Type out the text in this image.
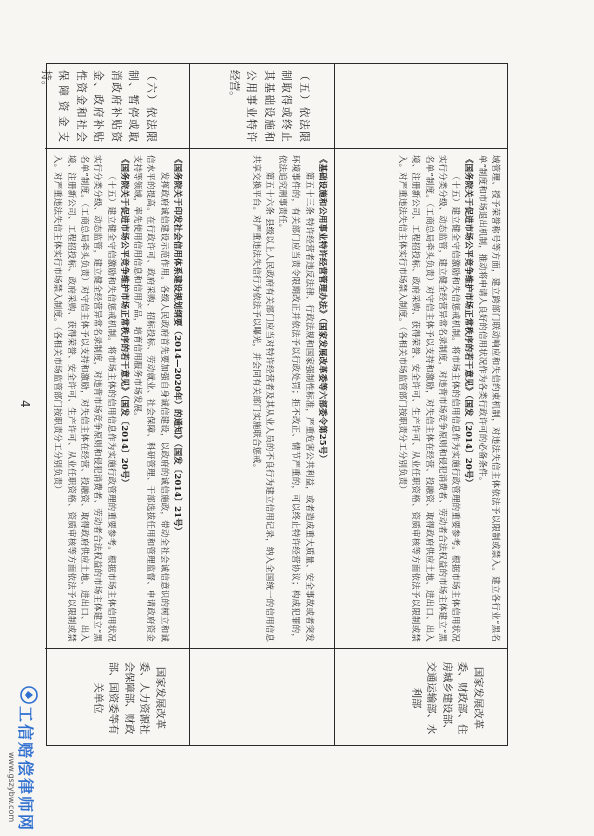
域管理、授予荣誉称号等方面，建立跨部门联动响应和失信约束机制，对违法失信主体依法予以限制或禁入。建立各行业“黑名单”制度和市场退出机制，推动将申请人良好的信用状况作为各类行政许可的必备条件。

《国务院关于促进市场公平竞争维护市场正常秩序的若干意见》（国发〔2014〕20号）

（十五）建立健全守信激励和失信惩戒机制。将市场主体的信用信息作为实施行政管理的重要参考。根据市场主体信用状况实行分类分级、动态监管，建立健全经营异常名录制度，对违背市场竞争原则和侵犯消费者、劳动者合法权益的市场主体建立“黑名单”制度。（工商总局牵头负责）对守信主体予以支持和激励，对失信主体在经营、投融资、取得政府供应土地、进出口、出入境、注册新公司、工程招投标、政府采购、获得荣誉、安全许可、生产许可、从业任职资格、资质审核等方面依法予以限制或禁入。对严重违法失信主体实行市场禁入制度。（各相关市场监管部门按职责分工分别负责）

国家发展改革委、财政部、住房城乡建设部、交通运输部、水利部

（五）依法限制取得或终止其基础设施和公用事业特许经营。

《基础设施和公用事业特许经营管理办法》（国家发展改革委等六部委令第25号）

第五十三条 特许经营者违反法律、行政法规和国家强制性标准，严重危害公共利益，或者造成重大质量、安全事故或者突发环境事件的，有关部门应当责令限期改正并依法予以行政处罚；拒不改正、情节严重的，可以终止特许经营协议；构成犯罪的，依法追究刑事责任。

第五十六条 县级以上人民政府有关部门应当对特许经营者及其从业人员的不良行为建立信用记录，纳入全国统一的信用信息共享交换平台。对严重违法失信行为依法予以曝光，并会同有关部门实施联合惩戒。

（六）依法限制、暂停或取消政府补贴资金、政府补贴性资金和社会保障资金支持。

《国务院关于印发社会信用体系建设规划纲要（2014—2020年）的通知》（国发〔2014〕21号）

发挥政府诚信建设示范作用。各级人民政府首先要加强自身诚信建设，以政府的诚信施政，带动全社会诚信意识的树立和诚信水平的提高。在行政许可、政府采购、招标投标、劳动就业、社会保障、科研管理、干部选拔任用和管理监督、申请政府资金支持等领域，率先使用信用信息和信用产品，培育信用服务市场发展。

《国务院关于促进市场公平竞争维护市场正常秩序的若干意见》（国发〔2014〕20号）

（十五）建立健全守信激励和失信惩戒机制。将市场主体的信用信息作为实施行政管理的重要参考。根据市场主体信用状况实行分类分级、动态监管，建立健全经营异常名录制度，对违背市场竞争原则和侵犯消费者、劳动者合法权益的市场主体建立“黑名单”制度。（工商总局牵头负责）对守信主体予以支持和激励，对失信主体在经营、投融资、取得政府供应土地、进出口、出入境、注册新公司、工程招投标、政府采购、获得荣誉、安全许可、生产许可、从业任职资格、资质审核等方面依法予以限制或禁入。对严重违法失信主体实行市场禁入制度。（各相关市场监管部门按职责分工分别负责）

国家发展改革委、人力资源社会保障部、财政部、国资委等有关单位

4
工信赔偿律师网
www.gszybw.com
